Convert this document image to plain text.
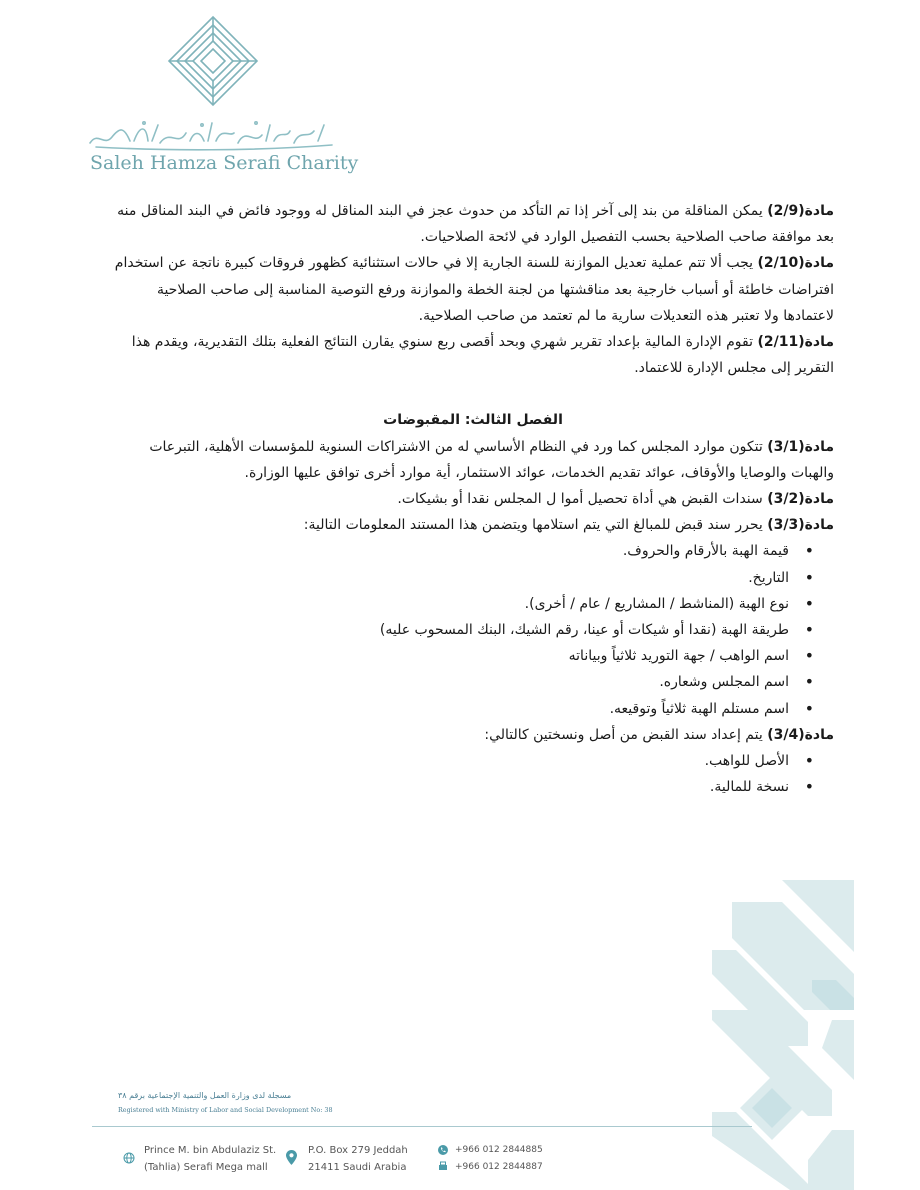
Saleh Hamza Serafi Charity

مادة(2/9) يمكن المناقلة من بند إلى آخر إذا تم التأكد من حدوث عجز في البند المناقل له ووجود فائض في البند المناقل منه بعد موافقة صاحب الصلاحية بحسب التفصيل الوارد في لائحة الصلاحيات.

مادة(2/10) يجب ألا تتم عملية تعديل الموازنة للسنة الجارية إلا في حالات استثنائية كظهور فروقات كبيرة ناتجة عن استخدام افتراضات خاطئة أو أسباب خارجية بعد مناقشتها من لجنة الخطة والموازنة ورفع التوصية المناسبة إلى صاحب الصلاحية لاعتمادها ولا تعتبر هذه التعديلات سارية ما لم تعتمد من صاحب الصلاحية.

مادة(2/11) تقوم الإدارة المالية بإعداد تقرير شهري وبحد أقصى ربع سنوي يقارن النتائج الفعلية بتلك التقديرية، ويقدم هذا التقرير إلى مجلس الإدارة للاعتماد.

الفصل الثالث: المقبوضات

مادة(3/1) تتكون موارد المجلس كما ورد في النظام الأساسي له من الاشتراكات السنوية للمؤسسات الأهلية، التبرعات والهبات والوصايا والأوقاف، عوائد تقديم الخدمات، عوائد الاستثمار، أية موارد أخرى توافق عليها الوزارة.

مادة(3/2) سندات القبض هي أداة تحصيل أموا ل المجلس نقدا أو بشيكات.

مادة(3/3) يحرر سند قبض للمبالغ التي يتم استلامها ويتضمن هذا المستند المعلومات التالية:

• قيمة الهبة بالأرقام والحروف.
• التاريخ.
• نوع الهبة (المناشط / المشاريع / عام / أخرى).
• طريقة الهبة (نقدا أو شيكات أو عينا، رقم الشيك، البنك المسحوب عليه)
• اسم الواهب / جهة التوريد ثلاثياً وبياناته
• اسم المجلس وشعاره.
• اسم مستلم الهبة ثلاثياً وتوقيعه.

مادة(3/4) يتم إعداد سند القبض من أصل ونسختين كالتالي:

• الأصل للواهب.
• نسخة للمالية.
مسجلة لدى وزارة العمل والتنمية الإجتماعية برقم ٣٨
Registered with Ministry of Labor and Social Development No: 38
Prince M. bin Abdulaziz St.
(Tahlia) Serafi Mega mall
P.O. Box 279 Jeddah
21411 Saudi Arabia
+966 012 2844885
+966 012 2844887
